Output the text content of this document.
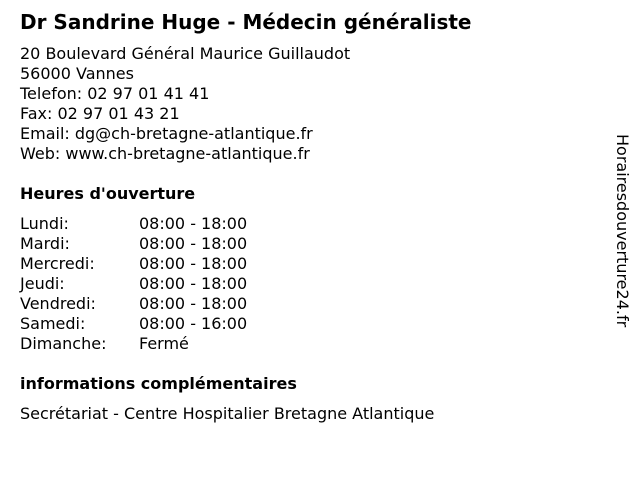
Dr Sandrine Huge - Médecin généraliste
20 Boulevard Général Maurice Guillaudot
56000 Vannes
Telefon: 02 97 01 41 41
Fax: 02 97 01 43 21
Email: dg@ch-bretagne-atlantique.fr
Web: www.ch-bretagne-atlantique.fr
Heures d'ouverture
Lundi:	08:00 - 18:00
Mardi:	08:00 - 18:00
Mercredi:	08:00 - 18:00
Jeudi:	08:00 - 18:00
Vendredi:	08:00 - 18:00
Samedi:	08:00 - 16:00
Dimanche: Fermé
informations complémentaires
Secrétariat - Centre Hospitalier Bretagne Atlantique
Horairesdouverture24.fr
